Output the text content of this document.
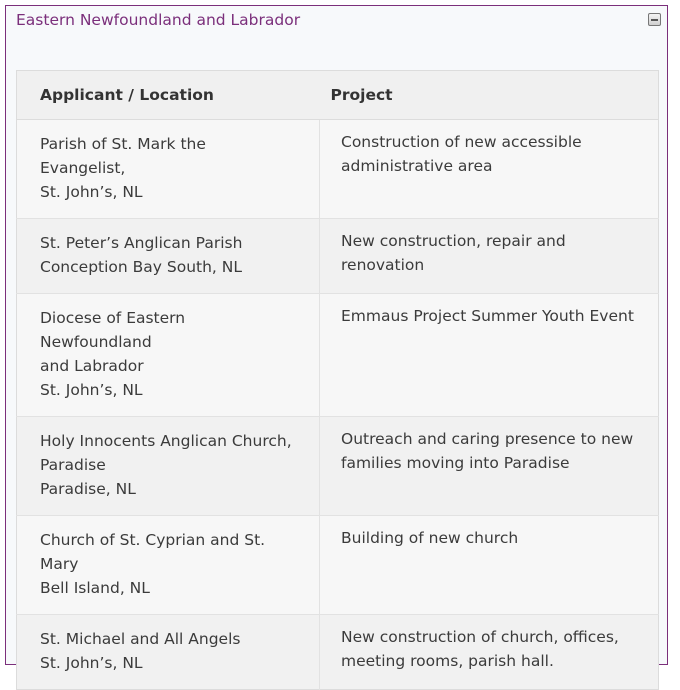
Eastern Newfoundland and Labrador
Applicant / Location	Project

Parish of St. Mark the Evangelist,
St. John’s, NL	Construction of new accessible
administrative area

St. Peter’s Anglican Parish
Conception Bay South, NL	New construction, repair and renovation

Diocese of Eastern Newfoundland
and Labrador
St. John’s, NL	Emmaus Project Summer Youth Event

Holy Innocents Anglican Church,
Paradise
Paradise, NL	Outreach and caring presence to new
families moving into Paradise

Church of St. Cyprian and St. Mary
Bell Island, NL	Building of new church

St. Michael and All Angels
St. John’s, NL	New construction of church, offices,
meeting rooms, parish hall.
